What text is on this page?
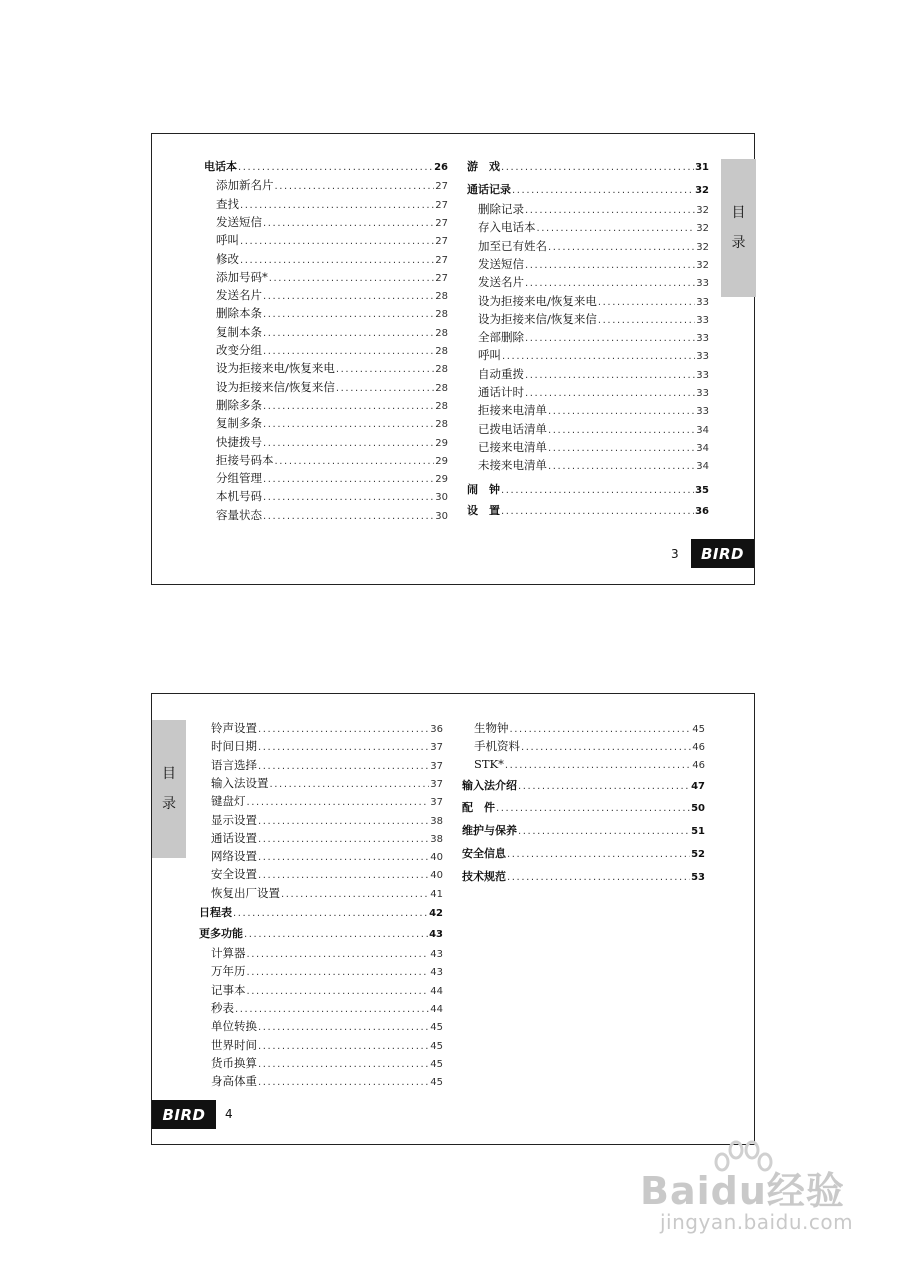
电话本 .....	26
添加新名片 .....	27
查找 .....	27
发送短信 .....	27
呼叫 .....	27
修改 .....	27
添加号码* .....	27
发送名片 .....	28
删除本条 .....	28
复制本条 .....	28
改变分组 .....	28
设为拒接来电/恢复来电 .....	28
设为拒接来信/恢复来信 .....	28
删除多条 .....	28
复制多条 .....	28
快捷拨号 .....	29
拒接号码本 .....	29
分组管理 .....	29
本机号码 .....	30
容量状态 .....	30
游　戏 .....	31
通话记录 .....	32
删除记录 .....	32
存入电话本 .....	32
加至已有姓名 .....	32
发送短信 .....	32
发送名片 .....	33
设为拒接来电/恢复来电 .....	33
设为拒接来信/恢复来信 .....	33
全部删除 .....	33
呼叫 .....	33
自动重拨 .....	33
通话计时 .....	33
拒接来电清单 .....	33
已拨电话清单 .....	34
已接来电清单 .....	34
未接来电清单 .....	34
闹　钟 .....	35
设　置 .....	36
目
录
3	BIRD
铃声设置 .....	36
时间日期 .....	37
语言选择 .....	37
输入法设置 .....	37
键盘灯 .....	37
显示设置 .....	38
通话设置 .....	38
网络设置 .....	40
安全设置 .....	40
恢复出厂设置 .....	41
日程表 .....	42
更多功能 .....	43
计算器 .....	43
万年历 .....	43
记事本 .....	44
秒表 .....	44
单位转换 .....	45
世界时间 .....	45
货币换算 .....	45
身高体重 .....	45
生物钟 .....	45
手机资料 .....	46
STK* .....	46
输入法介绍 .....	47
配　件 .....	50
维护与保养 .....	51
安全信息 .....	52
技术规范 .....	53
目
录
BIRD	4
Baidu经验
jingyan.baidu.com
